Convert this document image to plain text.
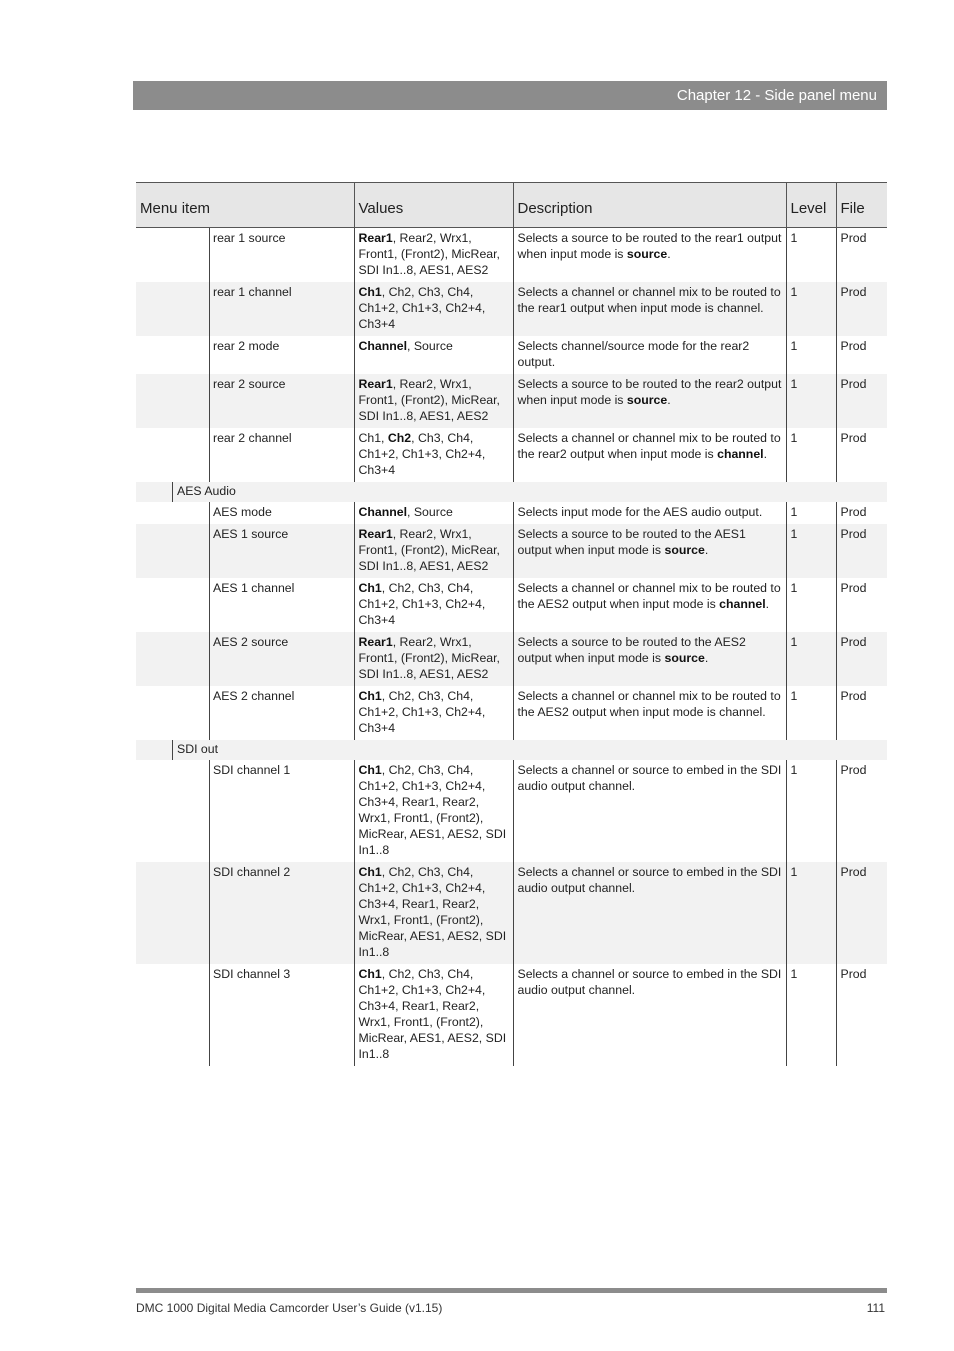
Chapter 12 - Side panel menu
Menu item	Values	Description	Level	File
rear 1 source	Rear1, Rear2, Wrx1, Front1, (Front2), MicRear, SDI In1..8, AES1, AES2	Selects a source to be routed to the rear1 output when input mode is source.	1	Prod
rear 1 channel	Ch1, Ch2, Ch3, Ch4, Ch1+2, Ch1+3, Ch2+4, Ch3+4	Selects a channel or channel mix to be routed to the rear1 output when input mode is channel.	1	Prod
rear 2 mode	Channel, Source	Selects channel/source mode for the rear2 output.	1	Prod
rear 2 source	Rear1, Rear2, Wrx1, Front1, (Front2), MicRear, SDI In1..8, AES1, AES2	Selects a source to be routed to the rear2 output when input mode is source.	1	Prod
rear 2 channel	Ch1, Ch2, Ch3, Ch4, Ch1+2, Ch1+3, Ch2+4, Ch3+4	Selects a channel or channel mix to be routed to the rear2 output when input mode is channel.	1	Prod
AES Audio				
AES mode	Channel, Source	Selects input mode for the AES audio output.	1	Prod
AES 1 source	Rear1, Rear2, Wrx1, Front1, (Front2), MicRear, SDI In1..8, AES1, AES2	Selects a source to be routed to the AES1 output when input mode is source.	1	Prod
AES 1 channel	Ch1, Ch2, Ch3, Ch4, Ch1+2, Ch1+3, Ch2+4, Ch3+4	Selects a channel or channel mix to be routed to the AES2 output when input mode is channel.	1	Prod
AES 2 source	Rear1, Rear2, Wrx1, Front1, (Front2), MicRear, SDI In1..8, AES1, AES2	Selects a source to be routed to the AES2 output when input mode is source.	1	Prod
AES 2 channel	Ch1, Ch2, Ch3, Ch4, Ch1+2, Ch1+3, Ch2+4, Ch3+4	Selects a channel or channel mix to be routed to the AES2 output when input mode is channel.	1	Prod
SDI out				
SDI channel 1	Ch1, Ch2, Ch3, Ch4, Ch1+2, Ch1+3, Ch2+4, Ch3+4, Rear1, Rear2, Wrx1, Front1, (Front2), MicRear, AES1, AES2, SDI In1..8	Selects a channel or source to embed in the SDI audio output channel.	1	Prod
SDI channel 2	Ch1, Ch2, Ch3, Ch4, Ch1+2, Ch1+3, Ch2+4, Ch3+4, Rear1, Rear2, Wrx1, Front1, (Front2), MicRear, AES1, AES2, SDI In1..8	Selects a channel or source to embed in the SDI audio output channel.	1	Prod
SDI channel 3	Ch1, Ch2, Ch3, Ch4, Ch1+2, Ch1+3, Ch2+4, Ch3+4, Rear1, Rear2, Wrx1, Front1, (Front2), MicRear, AES1, AES2, SDI In1..8	Selects a channel or source to embed in the SDI audio output channel.	1	Prod
DMC 1000 Digital Media Camcorder User’s Guide (v1.15)	111
